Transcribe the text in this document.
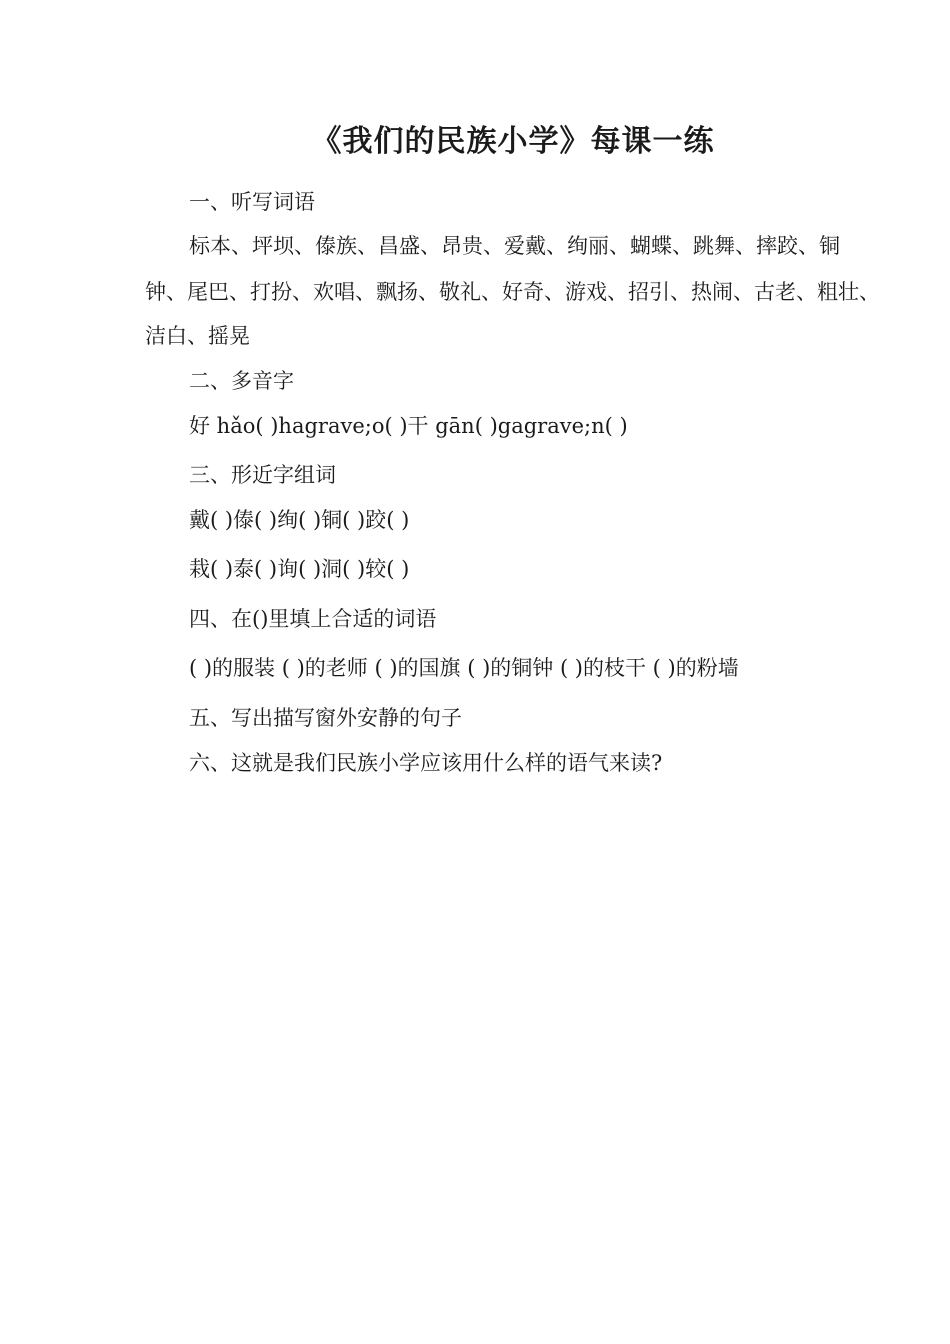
《我们的民族小学》每课一练
一、听写词语
标本、坪坝、傣族、昌盛、昂贵、爱戴、绚丽、蝴蝶、跳舞、摔跤、铜
钟、尾巴、打扮、欢唱、飘扬、敬礼、好奇、游戏、招引、热闹、古老、粗壮、
洁白、摇晃
二、多音字
好 hǎo( )hagrave;o( )干 gān( )gagrave;n( )
三、形近字组词
戴( )傣( )绚( )铜( )跤( )
栽( )泰( )询( )洞( )较( )
四、在()里填上合适的词语
( )的服装 ( )的老师 ( )的国旗 ( )的铜钟 ( )的枝干 ( )的粉墙
五、写出描写窗外安静的句子
六、这就是我们民族小学应该用什么样的语气来读?
